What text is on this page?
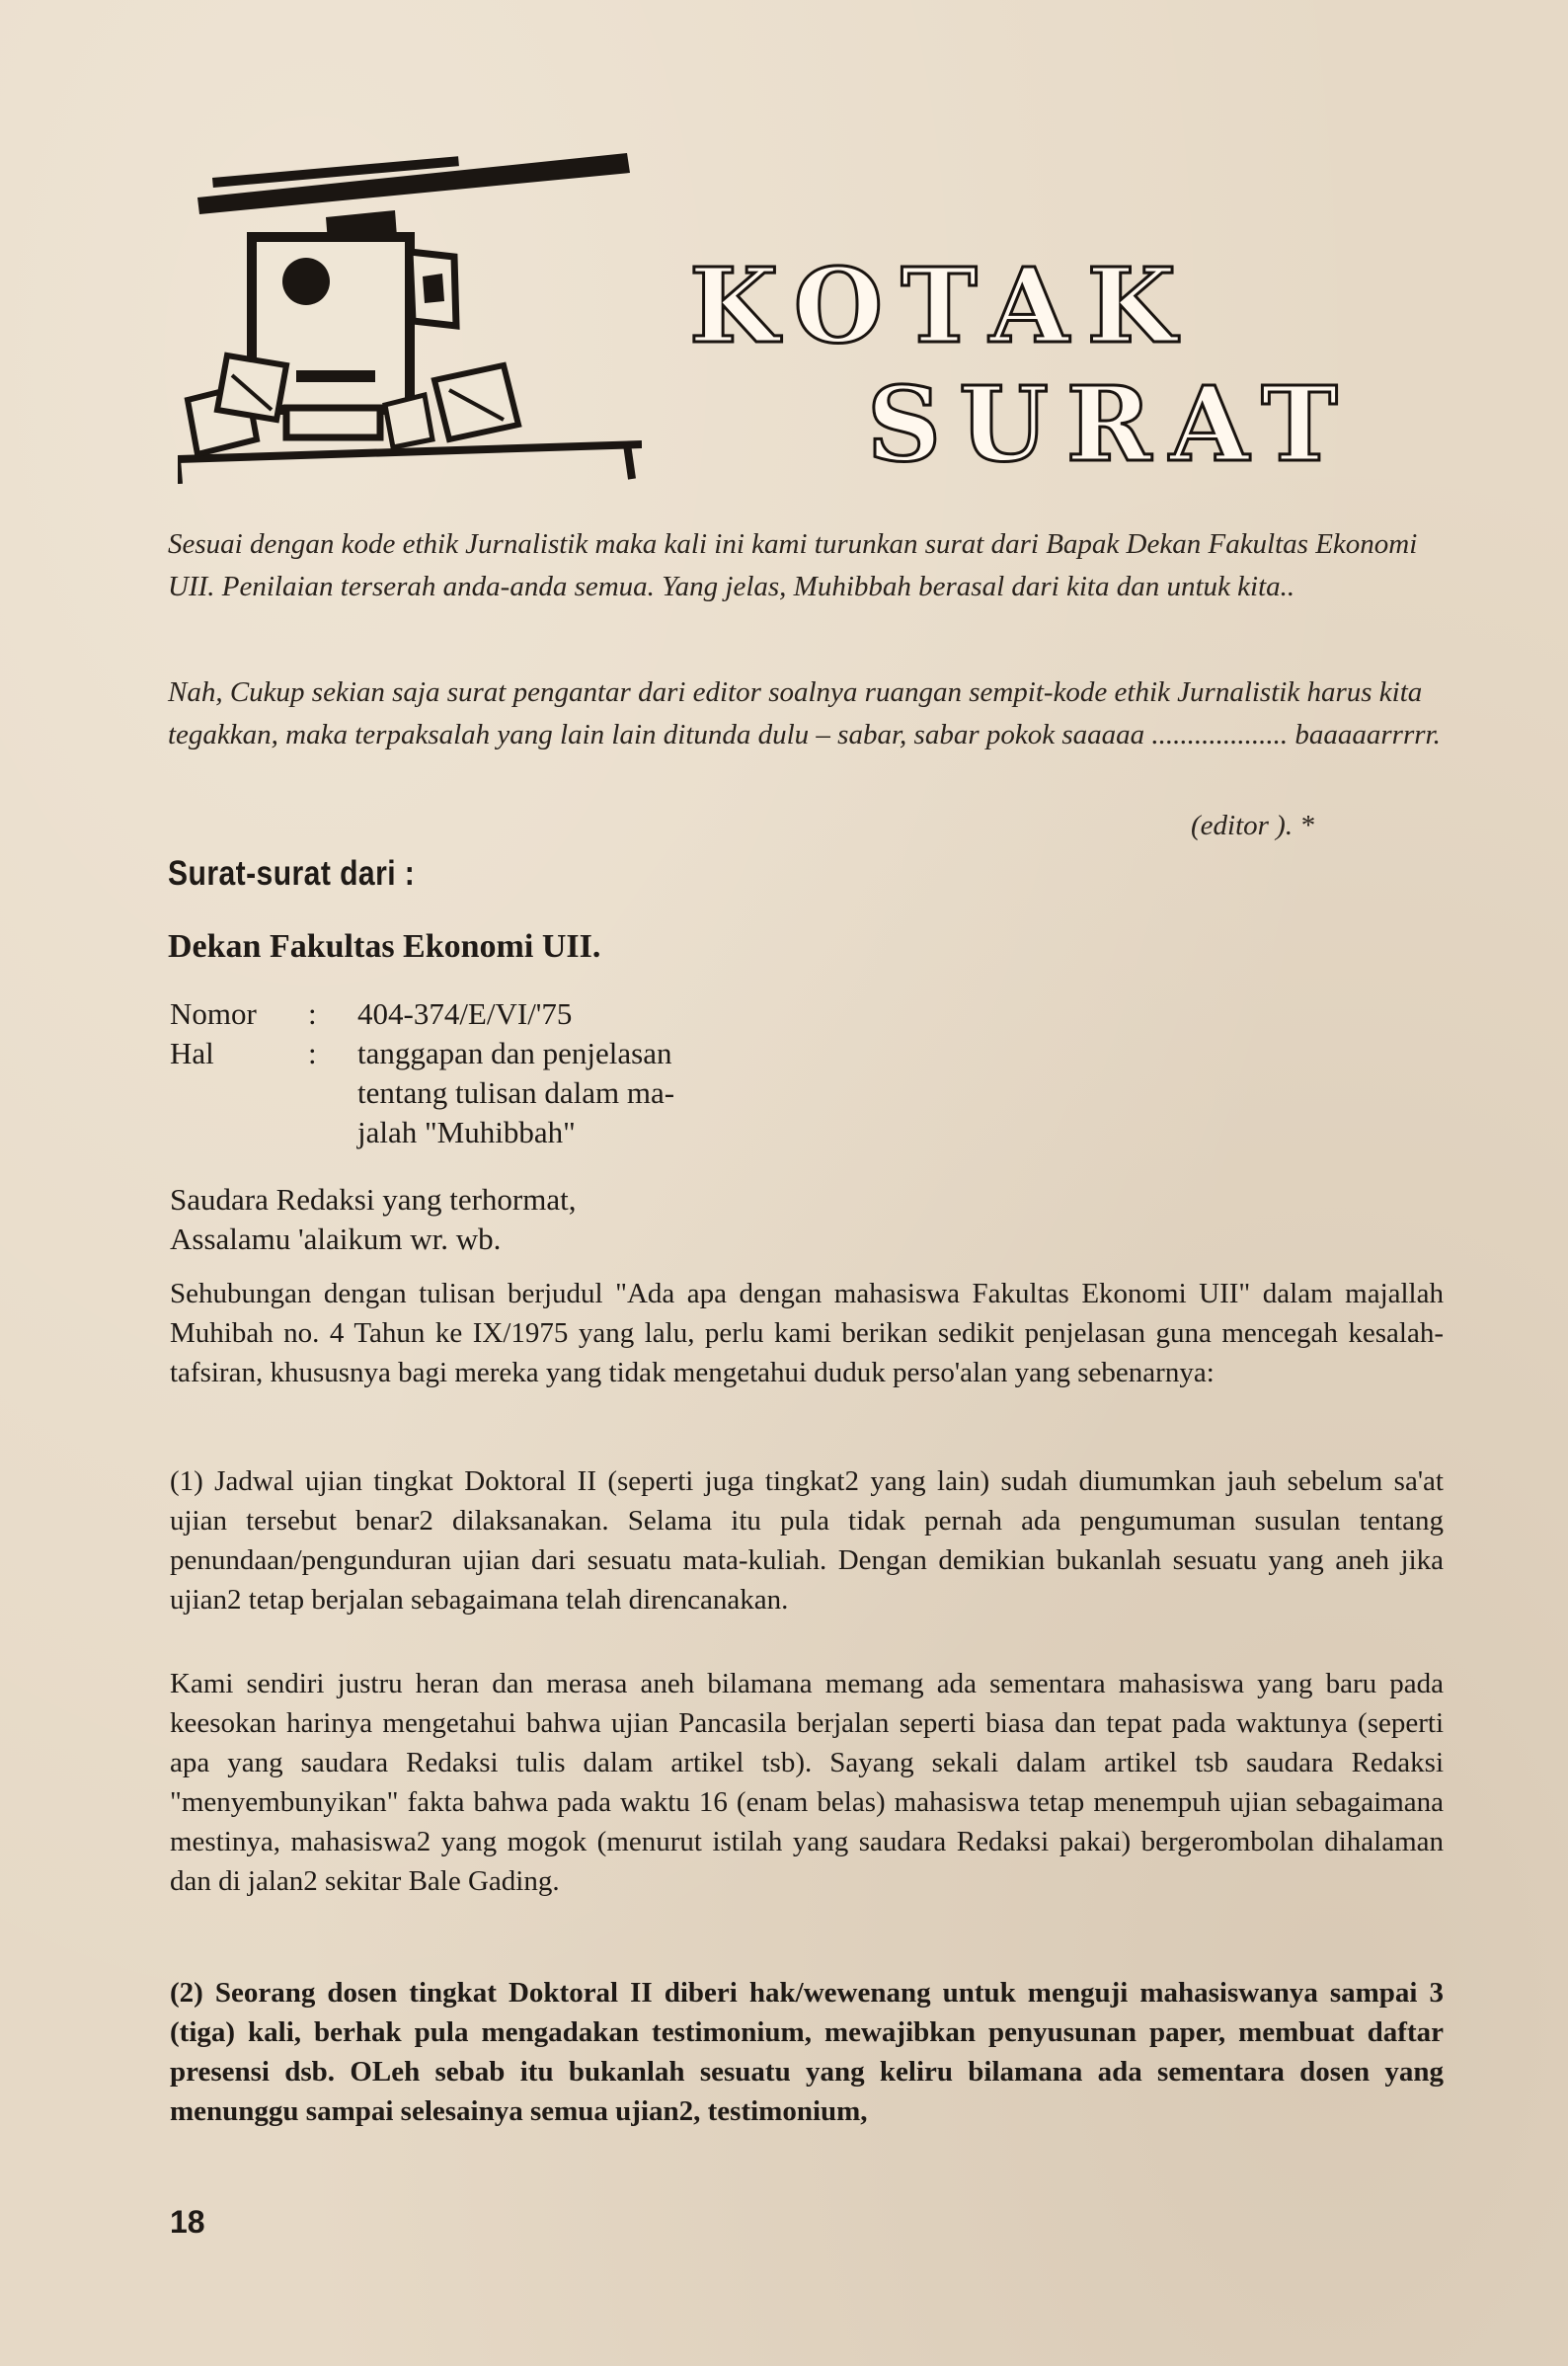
KOTAK
SURAT

Sesuai dengan kode ethik Jurnalistik maka kali ini kami turunkan surat dari Bapak Dekan Fakultas Ekonomi UII. Penilaian terserah anda-anda semua. Yang jelas, Muhibbah berasal dari kita dan untuk kita..

Nah, Cukup sekian saja surat pengantar dari editor soalnya ruangan sempit-kode ethik Jurnalistik harus kita tegakkan, maka terpaksalah yang lain lain ditunda dulu – sabar, sabar pokok saaaaa ................... baaaaarrrrr.

(editor ). *
Surat-surat dari :
Dekan Fakultas Ekonomi UII.
Nomor	:	404-374/E/VI/'75
Hal	:	tanggapan dan penjelasan
tentang tulisan dalam ma-
jalah "Muhibbah"
Saudara Redaksi yang terhormat,
Assalamu 'alaikum wr. wb.

Sehubungan dengan tulisan berjudul "Ada apa dengan mahasiswa Fakultas Ekonomi UII" dalam majallah Muhibah no. 4 Tahun ke IX/1975 yang lalu, perlu kami berikan sedikit penjelasan guna mencegah kesalah-tafsiran, khususnya bagi mereka yang tidak mengetahui duduk perso'alan yang sebenarnya:

(1) Jadwal ujian tingkat Doktoral II (seperti juga tingkat2 yang lain) sudah diumumkan jauh sebelum sa'at ujian tersebut benar2 dilaksanakan. Selama itu pula tidak pernah ada pengumuman susulan tentang penundaan/pengunduran ujian dari sesuatu mata-kuliah. Dengan demikian bukanlah sesuatu yang aneh jika ujian2 tetap berjalan sebagaimana telah direncanakan.

Kami sendiri justru heran dan merasa aneh bilamana memang ada sementara mahasiswa yang baru pada keesokan harinya mengetahui bahwa ujian Pancasila berjalan seperti biasa dan tepat pada waktunya (seperti apa yang saudara Redaksi tulis dalam artikel tsb). Sayang sekali dalam artikel tsb saudara Redaksi "menyembunyikan" fakta bahwa pada waktu 16 (enam belas) mahasiswa tetap menempuh ujian sebagaimana mestinya, mahasiswa2 yang mogok (menurut istilah yang saudara Redaksi pakai) bergerombolan dihalaman dan di jalan2 sekitar Bale Gading.

(2) Seorang dosen tingkat Doktoral II diberi hak/wewenang untuk menguji mahasiswanya sampai 3 (tiga) kali, berhak pula mengadakan testimonium, mewajibkan penyusunan paper, membuat daftar presensi dsb. OLeh sebab itu bukanlah sesuatu yang keliru bilamana ada sementara dosen yang menunggu sampai selesainya semua ujian2, testimonium,

18
